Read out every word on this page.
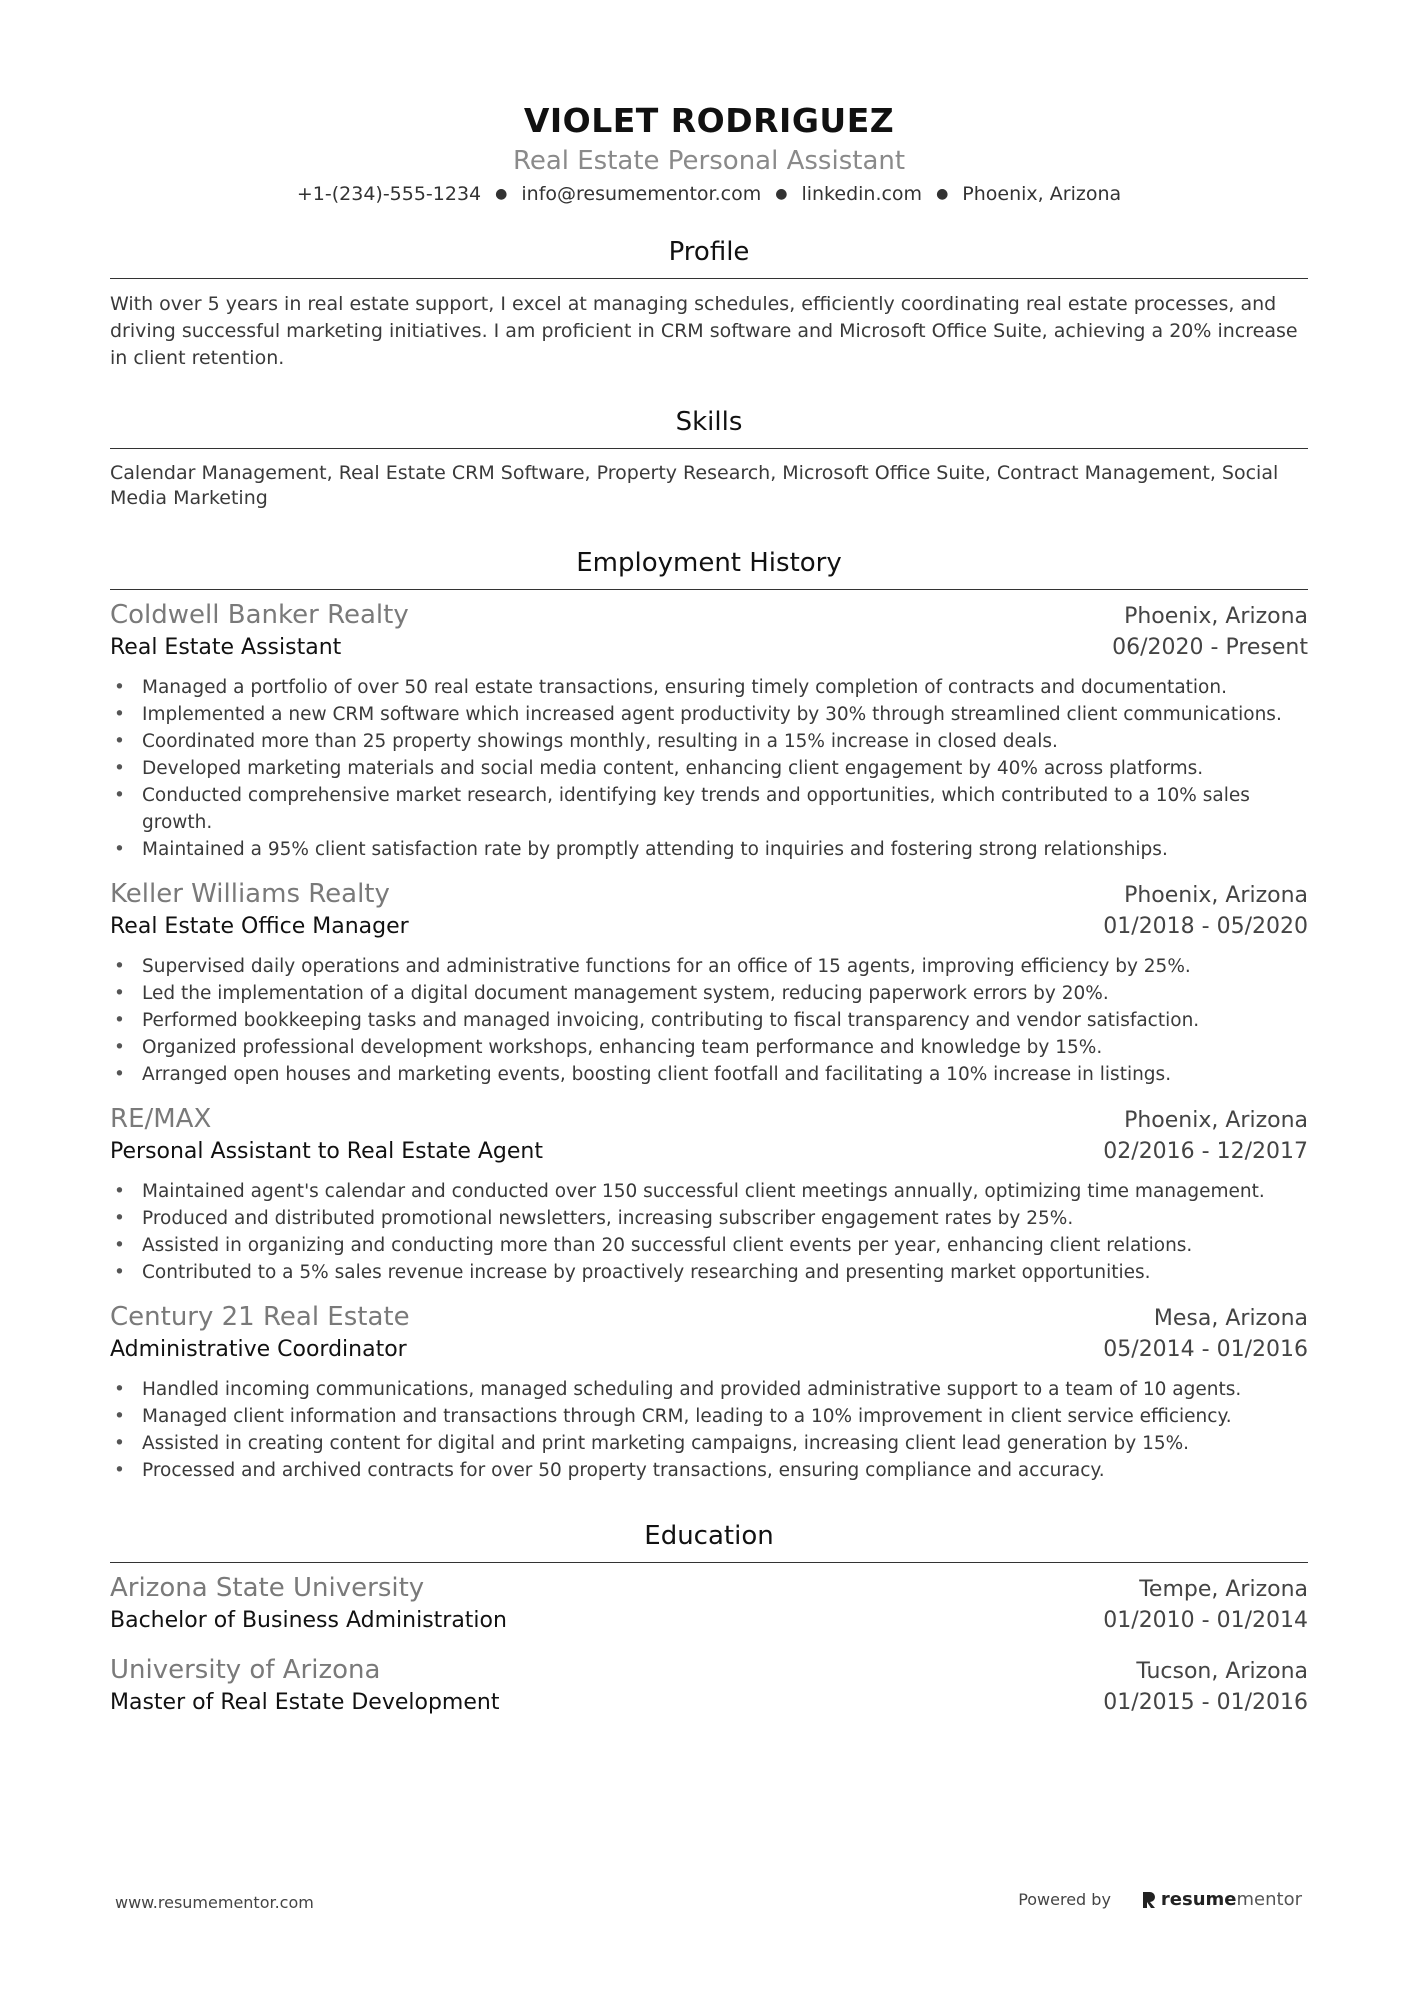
VIOLET RODRIGUEZ
Real Estate Personal Assistant
+1-(234)-555-1234 ● info@resumementor.com ● linkedin.com ● Phoenix, Arizona
Profile
With over 5 years in real estate support, I excel at managing schedules, efficiently coordinating real estate processes, and driving successful marketing initiatives. I am proficient in CRM software and Microsoft Office Suite, achieving a 20% increase in client retention.
Skills
Calendar Management, Real Estate CRM Software, Property Research, Microsoft Office Suite, Contract Management, Social Media Marketing
Employment History
Coldwell Banker Realty	Phoenix, Arizona
Real Estate Assistant	06/2020 - Present
• Managed a portfolio of over 50 real estate transactions, ensuring timely completion of contracts and documentation.
• Implemented a new CRM software which increased agent productivity by 30% through streamlined client communications.
• Coordinated more than 25 property showings monthly, resulting in a 15% increase in closed deals.
• Developed marketing materials and social media content, enhancing client engagement by 40% across platforms.
• Conducted comprehensive market research, identifying key trends and opportunities, which contributed to a 10% sales growth.
• Maintained a 95% client satisfaction rate by promptly attending to inquiries and fostering strong relationships.
Keller Williams Realty	Phoenix, Arizona
Real Estate Office Manager	01/2018 - 05/2020
• Supervised daily operations and administrative functions for an office of 15 agents, improving efficiency by 25%.
• Led the implementation of a digital document management system, reducing paperwork errors by 20%.
• Performed bookkeeping tasks and managed invoicing, contributing to fiscal transparency and vendor satisfaction.
• Organized professional development workshops, enhancing team performance and knowledge by 15%.
• Arranged open houses and marketing events, boosting client footfall and facilitating a 10% increase in listings.
RE/MAX	Phoenix, Arizona
Personal Assistant to Real Estate Agent	02/2016 - 12/2017
• Maintained agent's calendar and conducted over 150 successful client meetings annually, optimizing time management.
• Produced and distributed promotional newsletters, increasing subscriber engagement rates by 25%.
• Assisted in organizing and conducting more than 20 successful client events per year, enhancing client relations.
• Contributed to a 5% sales revenue increase by proactively researching and presenting market opportunities.
Century 21 Real Estate	Mesa, Arizona
Administrative Coordinator	05/2014 - 01/2016
• Handled incoming communications, managed scheduling and provided administrative support to a team of 10 agents.
• Managed client information and transactions through CRM, leading to a 10% improvement in client service efficiency.
• Assisted in creating content for digital and print marketing campaigns, increasing client lead generation by 15%.
• Processed and archived contracts for over 50 property transactions, ensuring compliance and accuracy.
Education
Arizona State University	Tempe, Arizona
Bachelor of Business Administration	01/2010 - 01/2014
University of Arizona	Tucson, Arizona
Master of Real Estate Development	01/2015 - 01/2016
www.resumementor.com	Powered by	resume mentor
